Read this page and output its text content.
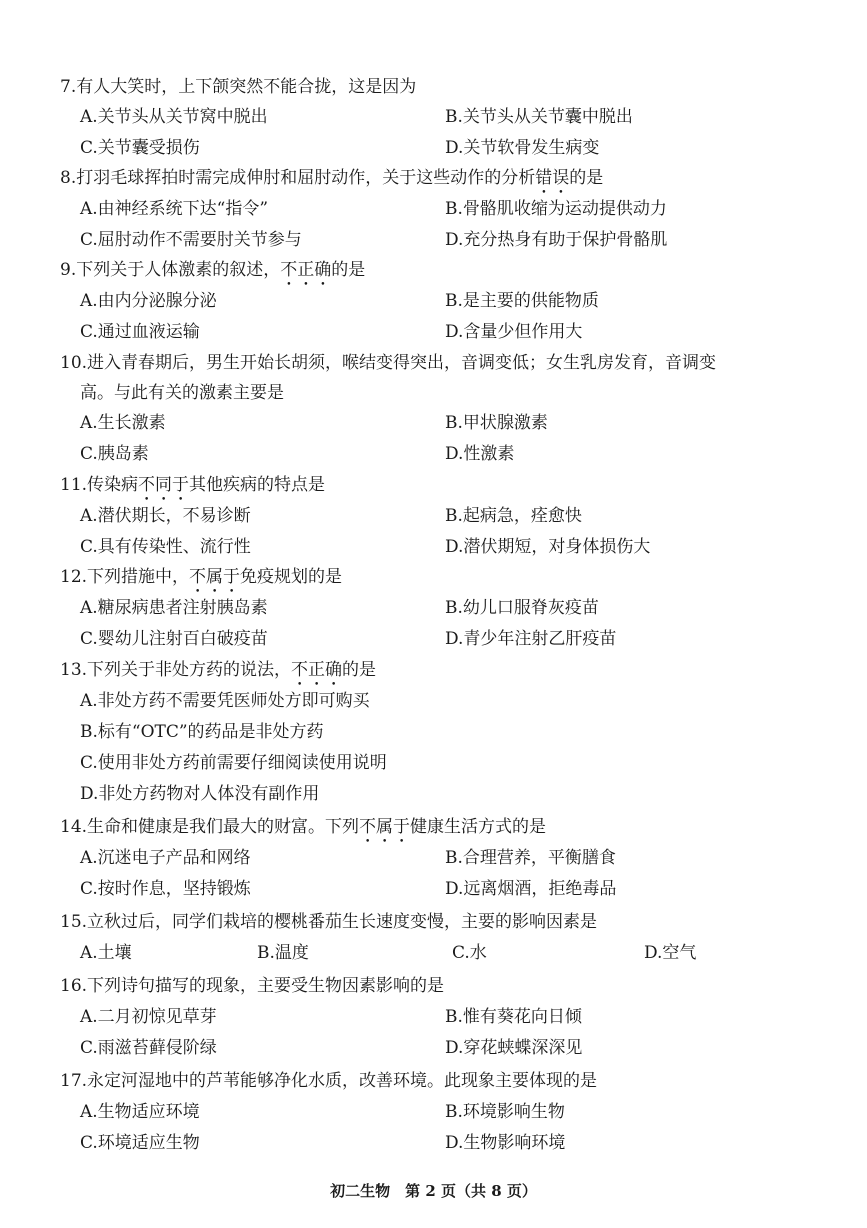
7.有人大笑时，上下颌突然不能合拢，这是因为
A.关节头从关节窝中脱出	B.关节头从关节囊中脱出
C.关节囊受损伤	D.关节软骨发生病变
8.打羽毛球挥拍时需完成伸肘和屈肘动作，关于这些动作的分析错误的是
A.由神经系统下达“指令”	B.骨骼肌收缩为运动提供动力
C.屈肘动作不需要肘关节参与	D.充分热身有助于保护骨骼肌
9.下列关于人体激素的叙述，不正确的是
A.由内分泌腺分泌	B.是主要的供能物质
C.通过血液运输	D.含量少但作用大
10.进入青春期后，男生开始长胡须，喉结变得突出，音调变低；女生乳房发育，音调变
高。与此有关的激素主要是
A.生长激素	B.甲状腺激素
C.胰岛素	D.性激素
11.传染病不同于其他疾病的特点是
A.潜伏期长，不易诊断	B.起病急，痊愈快
C.具有传染性、流行性	D.潜伏期短，对身体损伤大
12.下列措施中，不属于免疫规划的是
A.糖尿病患者注射胰岛素	B.幼儿口服脊灰疫苗
C.婴幼儿注射百白破疫苗	D.青少年注射乙肝疫苗
13.下列关于非处方药的说法，不正确的是
A.非处方药不需要凭医师处方即可购买
B.标有“OTC”的药品是非处方药
C.使用非处方药前需要仔细阅读使用说明
D.非处方药物对人体没有副作用
14.生命和健康是我们最大的财富。下列不属于健康生活方式的是
A.沉迷电子产品和网络	B.合理营养，平衡膳食
C.按时作息，坚持锻炼	D.远离烟酒，拒绝毒品
15.立秋过后，同学们栽培的樱桃番茄生长速度变慢，主要的影响因素是
A.土壤	B.温度	C.水	D.空气
16.下列诗句描写的现象，主要受生物因素影响的是
A.二月初惊见草芽	B.惟有葵花向日倾
C.雨滋苔藓侵阶绿	D.穿花蛱蝶深深见
17.永定河湿地中的芦苇能够净化水质，改善环境。此现象主要体现的是
A.生物适应环境	B.环境影响生物
C.环境适应生物	D.生物影响环境
初二生物　第 2 页（共 8 页）
